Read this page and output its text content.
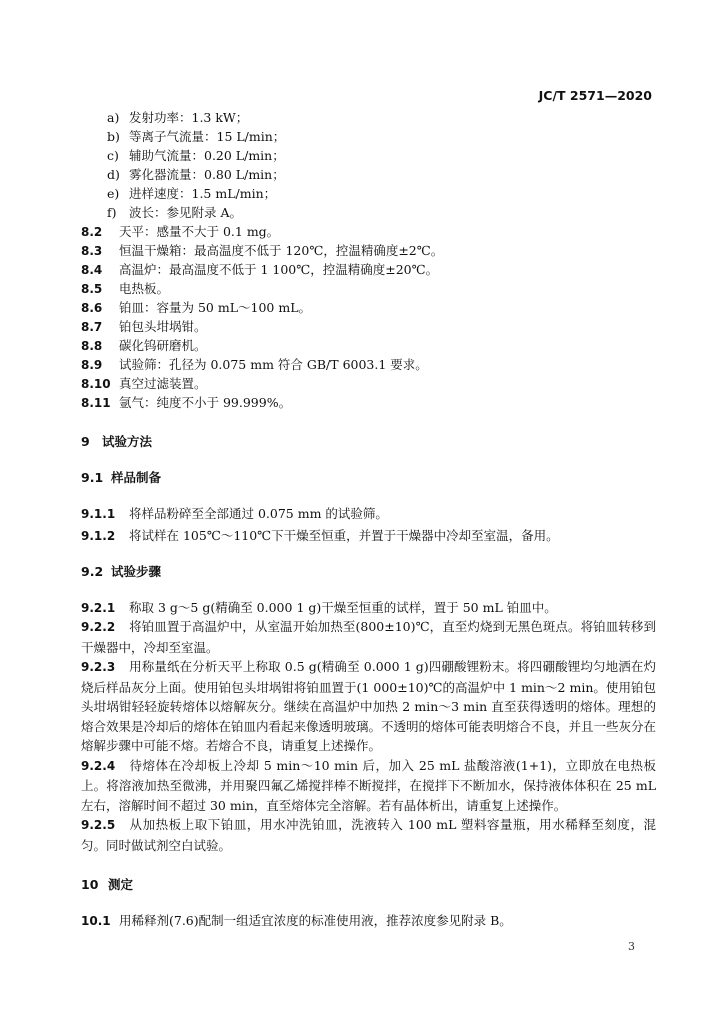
JC/T 2571—2020
a) 发射功率：1.3 kW；
b) 等离子气流量：15 L/min；
c) 辅助气流量：0.20 L/min；
d) 雾化器流量：0.80 L/min；
e) 进样速度：1.5 mL/min；
f) 波长：参见附录 A。
8.2 天平：感量不大于 0.1 mg。
8.3 恒温干燥箱：最高温度不低于 120℃，控温精确度±2℃。
8.4 高温炉：最高温度不低于 1 100℃，控温精确度±20℃。
8.5 电热板。
8.6 铂皿：容量为 50 mL～100 mL。
8.7 铂包头坩埚钳。
8.8 碳化钨研磨机。
8.9 试验筛：孔径为 0.075 mm 符合 GB/T 6003.1 要求。
8.10 真空过滤装置。
8.11 氩气：纯度不小于 99.999%。
9 试验方法
9.1 样品制备
9.1.1 将样品粉碎至全部通过 0.075 mm 的试验筛。
9.1.2 将试样在 105℃～110℃下干燥至恒重，并置于干燥器中冷却至室温，备用。
9.2 试验步骤
9.2.1 称取 3 g～5 g(精确至 0.000 1 g)干燥至恒重的试样，置于 50 mL 铂皿中。
9.2.2 将铂皿置于高温炉中，从室温开始加热至(800±10)℃，直至灼烧到无黑色斑点。将铂皿转移到干燥器中，冷却至室温。
9.2.3 用称量纸在分析天平上称取 0.5 g(精确至 0.000 1 g)四硼酸锂粉末。将四硼酸锂均匀地洒在灼烧后样品灰分上面。使用铂包头坩埚钳将铂皿置于(1 000±10)℃的高温炉中 1 min～2 min。使用铂包头坩埚钳轻轻旋转熔体以熔解灰分。继续在高温炉中加热 2 min～3 min 直至获得透明的熔体。理想的熔合效果是冷却后的熔体在铂皿内看起来像透明玻璃。不透明的熔体可能表明熔合不良，并且一些灰分在熔解步骤中可能不熔。若熔合不良，请重复上述操作。
9.2.4 待熔体在冷却板上冷却 5 min～10 min 后，加入 25 mL 盐酸溶液(1+1)，立即放在电热板上。将溶液加热至微沸，并用聚四氟乙烯搅拌棒不断搅拌，在搅拌下不断加水，保持液体体积在 25 mL 左右，溶解时间不超过 30 min，直至熔体完全溶解。若有晶体析出，请重复上述操作。
9.2.5 从加热板上取下铂皿，用水冲洗铂皿，洗液转入 100 mL 塑料容量瓶，用水稀释至刻度，混匀。同时做试剂空白试验。
10 测定
10.1 用稀释剂(7.6)配制一组适宜浓度的标准使用液，推荐浓度参见附录 B。
3
